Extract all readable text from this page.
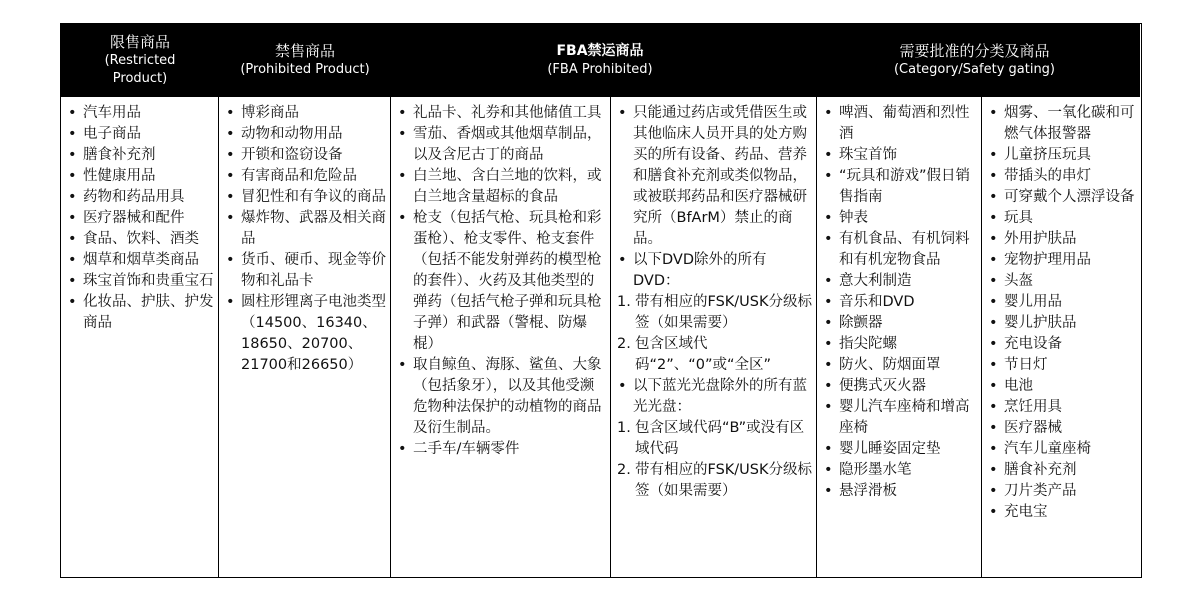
限售商品
(Restricted Product)
禁售商品
(Prohibited Product)
FBA禁运商品
(FBA Prohibited)
需要批准的分类及商品
(Category/Safety gating)
• 汽车用品
• 电子商品
• 膳食补充剂
• 性健康用品
• 药物和药品用具
• 医疗器械和配件
• 食品、饮料、酒类
• 烟草和烟草类商品
• 珠宝首饰和贵重宝石
• 化妆品、护肤、护发商品
• 博彩商品
• 动物和动物用品
• 开锁和盗窃设备
• 有害商品和危险品
• 冒犯性和有争议的商品
• 爆炸物、武器及相关商品
• 货币、硬币、现金等价物和礼品卡
• 圆柱形锂离子电池类型（14500、16340、18650、20700、21700和26650）
• 礼品卡、礼券和其他储值工具
• 雪茄、香烟或其他烟草制品，以及含尼古丁的商品
• 白兰地、含白兰地的饮料，或白兰地含量超标的食品
• 枪支（包括气枪、玩具枪和彩蛋枪）、枪支零件、枪支套件（包括不能发射弹药的模型枪的套件）、火药及其他类型的弹药（包括气枪子弹和玩具枪子弹）和武器（警棍、防爆棍）
• 取自鲸鱼、海豚、鲨鱼、大象（包括象牙），以及其他受濒危物种法保护的动植物的商品及衍生制品。
• 二手车/车辆零件
• 只能通过药店或凭借医生或其他临床人员开具的处方购买的所有设备、药品、营养和膳食补充剂或类似物品，或被联邦药品和医疗器械研究所（BfArM）禁止的商品。
• 以下DVD除外的所有DVD：
1. 带有相应的FSK/USK分级标签（如果需要）
2. 包含区域代码“2”、“0”或“全区”
• 以下蓝光光盘除外的所有蓝光光盘：
1. 包含区域代码“B”或没有区域代码
2. 带有相应的FSK/USK分级标签（如果需要）
• 啤酒、葡萄酒和烈性酒
• 珠宝首饰
• “玩具和游戏”假日销售指南
• 钟表
• 有机食品、有机饲料和有机宠物食品
• 意大利制造
• 音乐和DVD
• 除颤器
• 指尖陀螺
• 防火、防烟面罩
• 便携式灭火器
• 婴儿汽车座椅和增高座椅
• 婴儿睡姿固定垫
• 隐形墨水笔
• 悬浮滑板
• 烟雾、一氧化碳和可燃气体报警器
• 儿童挤压玩具
• 带插头的串灯
• 可穿戴个人漂浮设备
• 玩具
• 外用护肤品
• 宠物护理用品
• 头盔
• 婴儿用品
• 婴儿护肤品
• 充电设备
• 节日灯
• 电池
• 烹饪用具
• 医疗器械
• 汽车儿童座椅
• 膳食补充剂
• 刀片类产品
• 充电宝
